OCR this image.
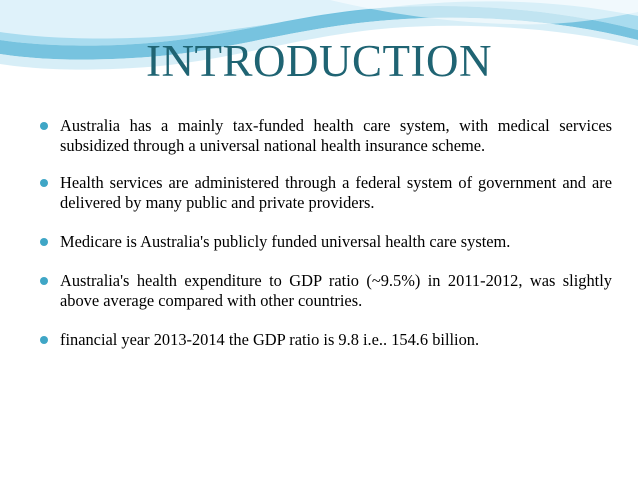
INTRODUCTION
Australia has a mainly tax-funded health care system, with medical services subsidized through a universal national health insurance scheme.
Health services are administered through a federal system of government and are delivered by many public and private providers.
Medicare is Australia's publicly funded universal health care system.
Australia's health expenditure to GDP ratio (~9.5%) in 2011-2012, was slightly above average compared with other countries.
financial year 2013-2014 the GDP ratio is 9.8 i.e.. 154.6 billion.
